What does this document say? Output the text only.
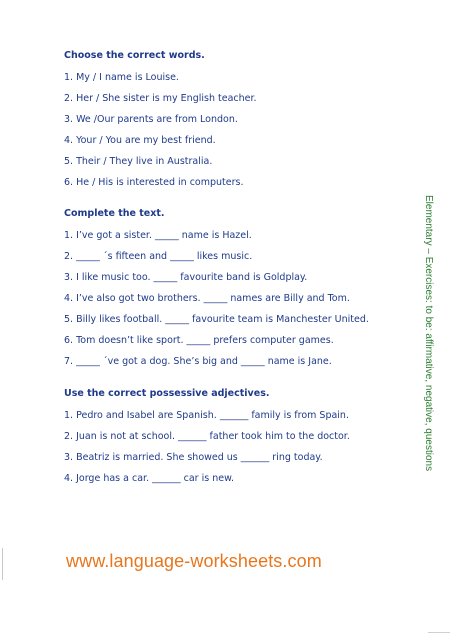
Choose the correct words.
1. My / I name is Louise.
2. Her / She sister is my English teacher.
3. We /Our parents are from London.
4. Your / You are my best friend.
5. Their / They live in Australia.
6. He / His is interested in computers.
Complete the text.
1. I’ve got a sister. _____ name is Hazel.
2. _____ ´s fifteen and _____ likes music.
3. I like music too. _____ favourite band is Goldplay.
4. I’ve also got two brothers. _____ names are Billy and Tom.
5. Billy likes football. _____ favourite team is Manchester United.
6. Tom doesn’t like sport. _____ prefers computer games.
7. _____ ´ve got a dog. She’s big and _____ name is Jane.
Use the correct possessive adjectives.
1. Pedro and Isabel are Spanish. ______ family is from Spain.
2. Juan is not at school. ______ father took him to the doctor.
3. Beatriz is married. She showed us ______ ring today.
4. Jorge has a car. ______ car is new.
Elementary – Exercises: to be: affirmative, negative, questions
www.language-worksheets.com
